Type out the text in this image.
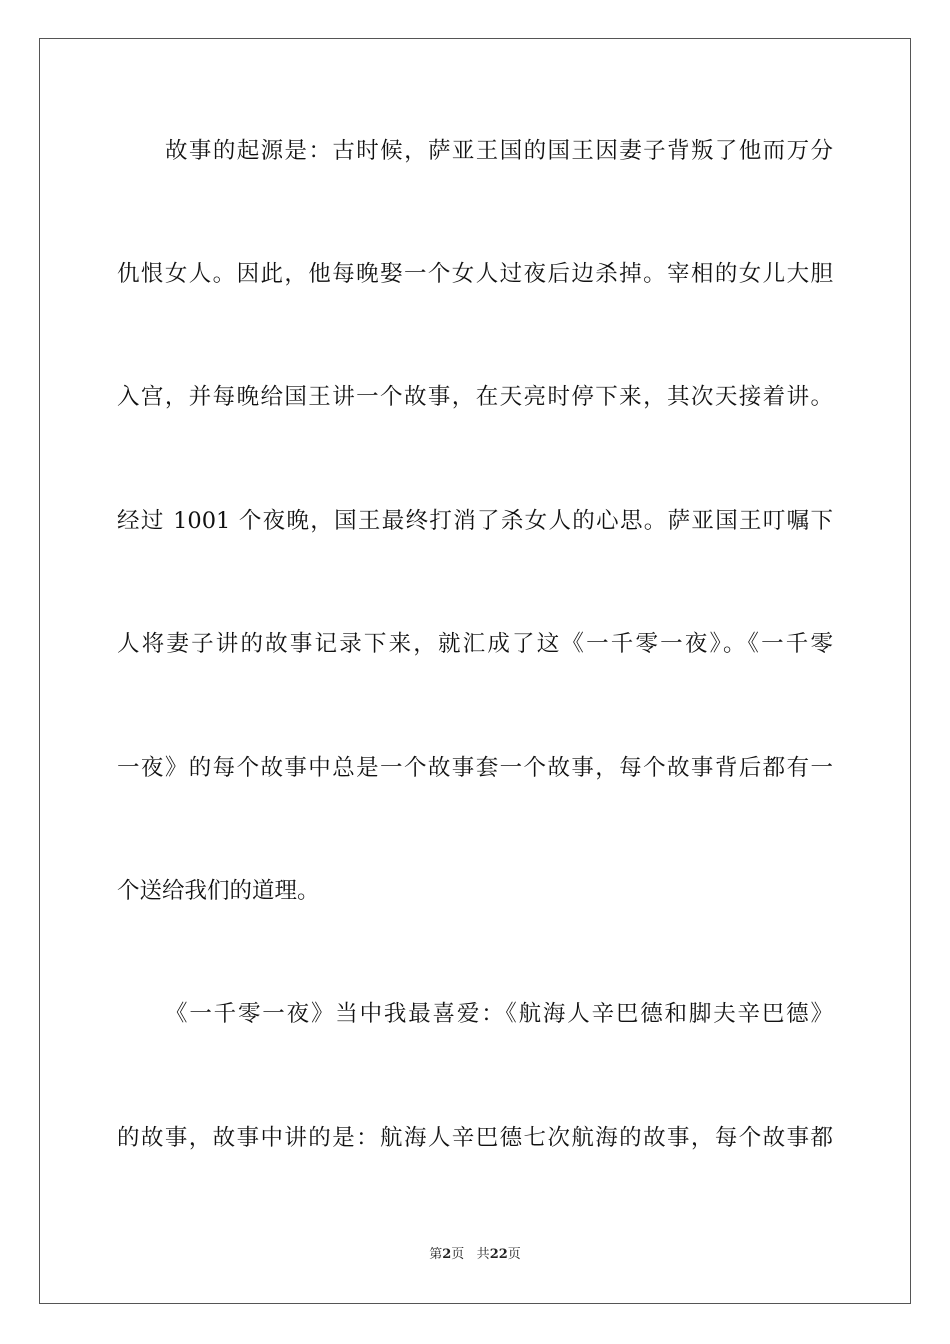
故事的起源是：古时候，萨亚王国的国王因妻子背叛了他而万分
仇恨女人。因此，他每晚娶一个女人过夜后边杀掉。宰相的女儿大胆
入宫，并每晚给国王讲一个故事，在天亮时停下来，其次天接着讲。
经过 1001 个夜晚，国王最终打消了杀女人的心思。萨亚国王叮嘱下
人将妻子讲的故事记录下来，就汇成了这《一千零一夜》。《一千零
一夜》的每个故事中总是一个故事套一个故事，每个故事背后都有一
个送给我们的道理。
《一千零一夜》当中我最喜爱：《航海人辛巴德和脚夫辛巴德》
的故事，故事中讲的是：航海人辛巴德七次航海的故事，每个故事都
第2页 共22页
